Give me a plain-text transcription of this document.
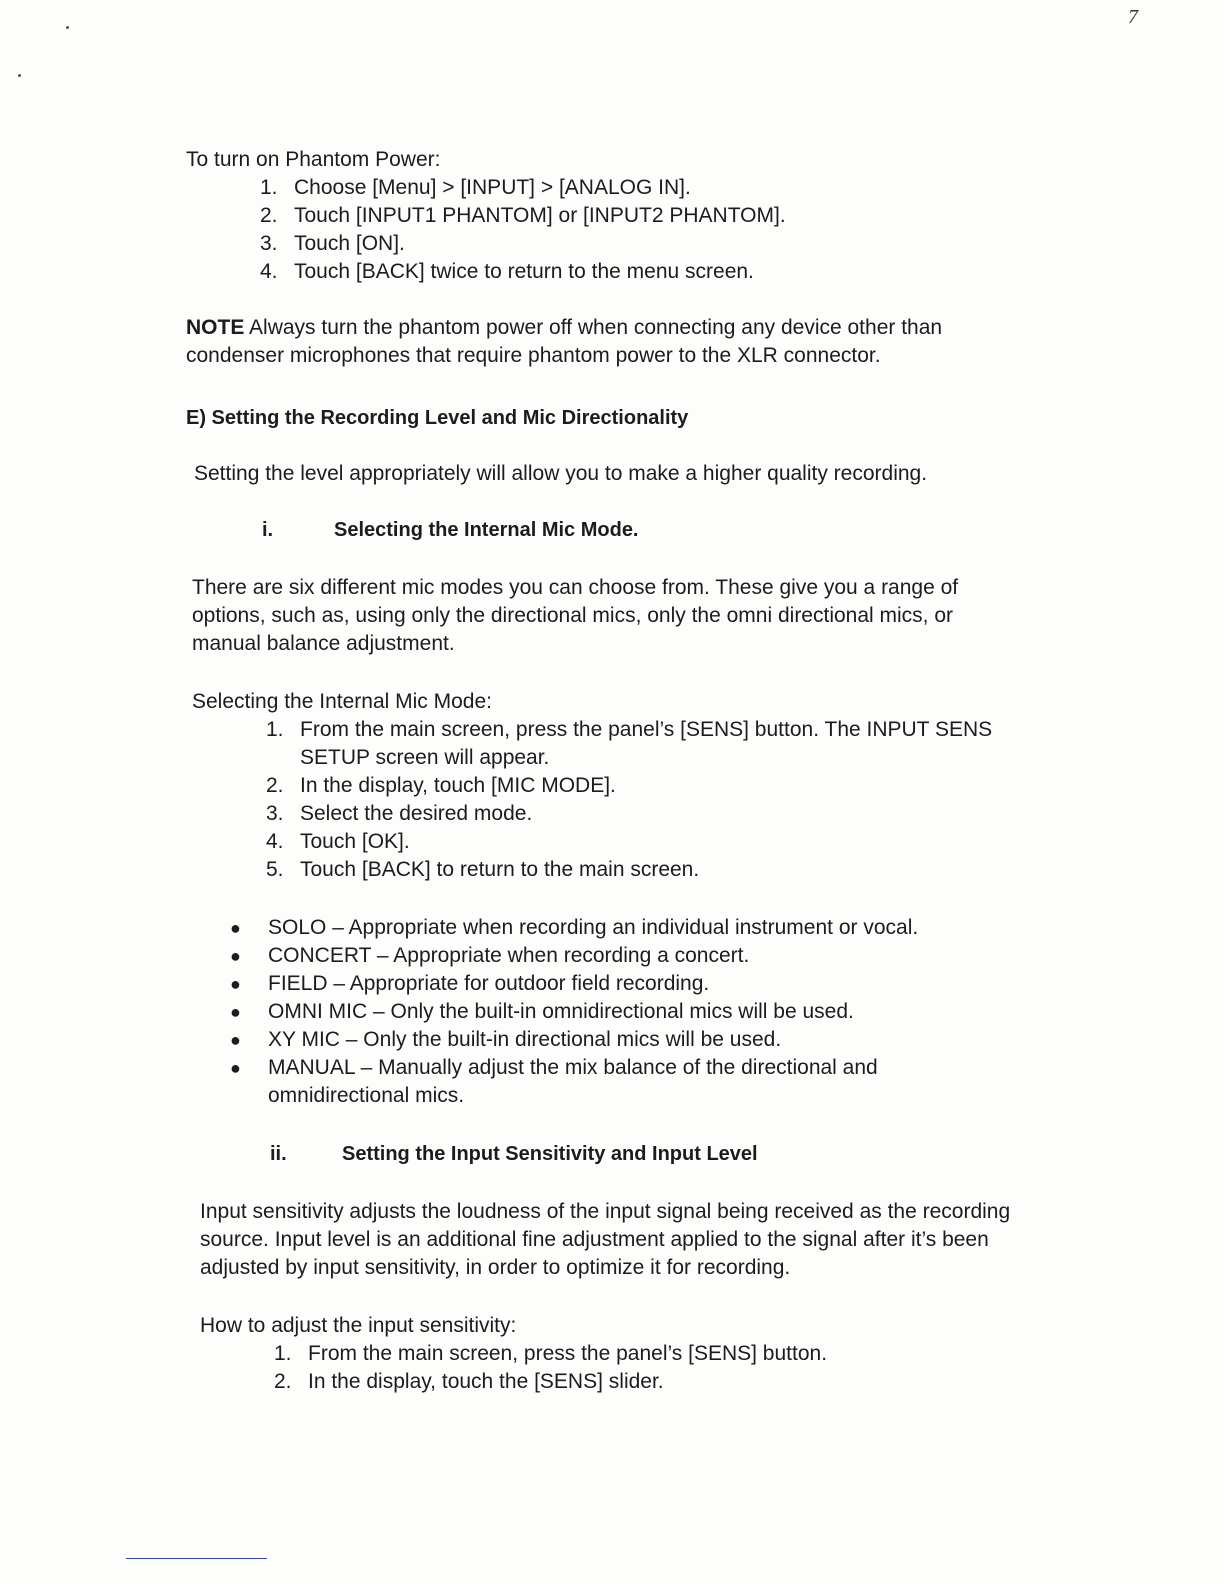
7

To turn on Phantom Power:

1. Choose [Menu] > [INPUT] > [ANALOG IN].
2. Touch [INPUT1 PHANTOM] or [INPUT2 PHANTOM].
3. Touch [ON].
4. Touch [BACK] twice to return to the menu screen.

NOTE Always turn the phantom power off when connecting any device other than condenser microphones that require phantom power to the XLR connector.

E) Setting the Recording Level and Mic Directionality

Setting the level appropriately will allow you to make a higher quality recording.

i.	Selecting the Internal Mic Mode.

There are six different mic modes you can choose from. These give you a range of options, such as, using only the directional mics, only the omni directional mics, or manual balance adjustment.

Selecting the Internal Mic Mode:

1. From the main screen, press the panel’s [SENS] button. The INPUT SENS SETUP screen will appear.
2. In the display, touch [MIC MODE].
3. Select the desired mode.
4. Touch [OK].
5. Touch [BACK] to return to the main screen.
●	SOLO – Appropriate when recording an individual instrument or vocal.
●	CONCERT – Appropriate when recording a concert.
●	FIELD – Appropriate for outdoor field recording.
●	OMNI MIC – Only the built-in omnidirectional mics will be used.
●	XY MIC – Only the built-in directional mics will be used.
●	MANUAL – Manually adjust the mix balance of the directional and omnidirectional mics.
ii.	Setting the Input Sensitivity and Input Level

Input sensitivity adjusts the loudness of the input signal being received as the recording source. Input level is an additional fine adjustment applied to the signal after it’s been adjusted by input sensitivity, in order to optimize it for recording.

How to adjust the input sensitivity:

1. From the main screen, press the panel’s [SENS] button.
2. In the display, touch the [SENS] slider.
